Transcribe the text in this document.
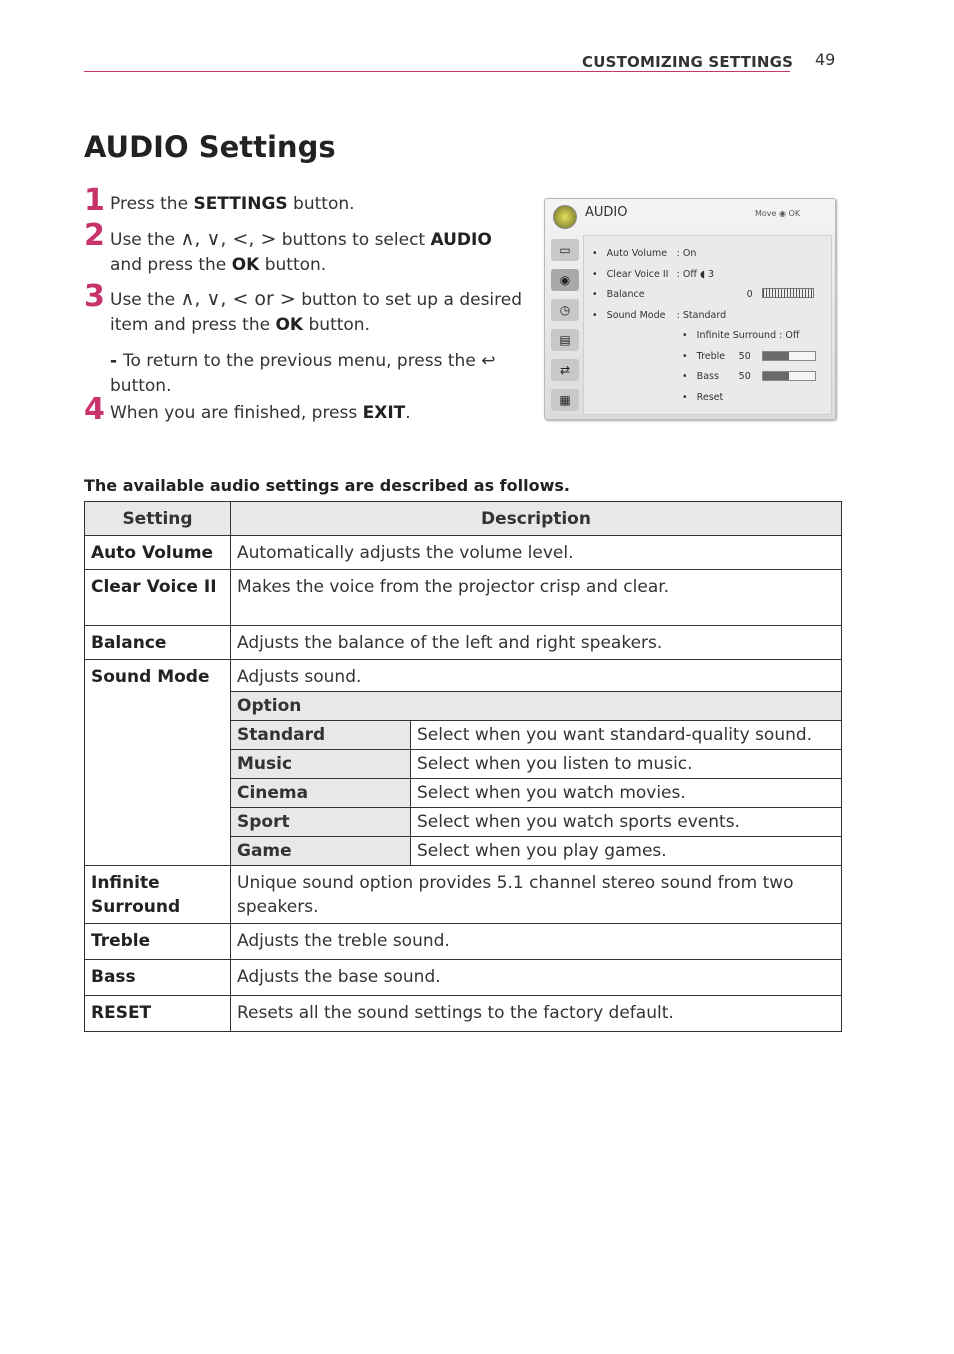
CUSTOMIZING SETTINGS 49
AUDIO Settings
1 Press the SETTINGS button.
2 Use the ∧, ∨, <, > buttons to select AUDIO
and press the OK button.
3 Use the ∧, ∨, < or > button to set up a desired
item and press the OK button.
- To return to the previous menu, press the ↩
button.
4 When you are finished, press EXIT.
AUDIO	Move ◉ OK
▭
◉
◷
▤
⇄
▦
•   Auto Volume : On
•   Clear Voice II : Off ◖ 3
•   Balance	0
•   Sound Mode : Standard
•   Infinite Surround : Off
•   Treble 50
•   Bass 50
•   Reset
The available audio settings are described as follows.
Setting	Description
Auto Volume	Automatically adjusts the volume level.
Clear Voice II	Makes the voice from the projector crisp and clear.
Balance	Adjusts the balance of the left and right speakers.
Sound Mode	Adjusts sound.
Option
Standard	Select when you want standard-quality sound.
Music	Select when you listen to music.
Cinema	Select when you watch movies.
Sport	Select when you watch sports events.
Game	Select when you play games.

Infinite Surround	Unique sound option provides 5.1 channel stereo sound from two speakers.
Treble	Adjusts the treble sound.
Bass	Adjusts the base sound.
RESET	Resets all the sound settings to the factory default.
